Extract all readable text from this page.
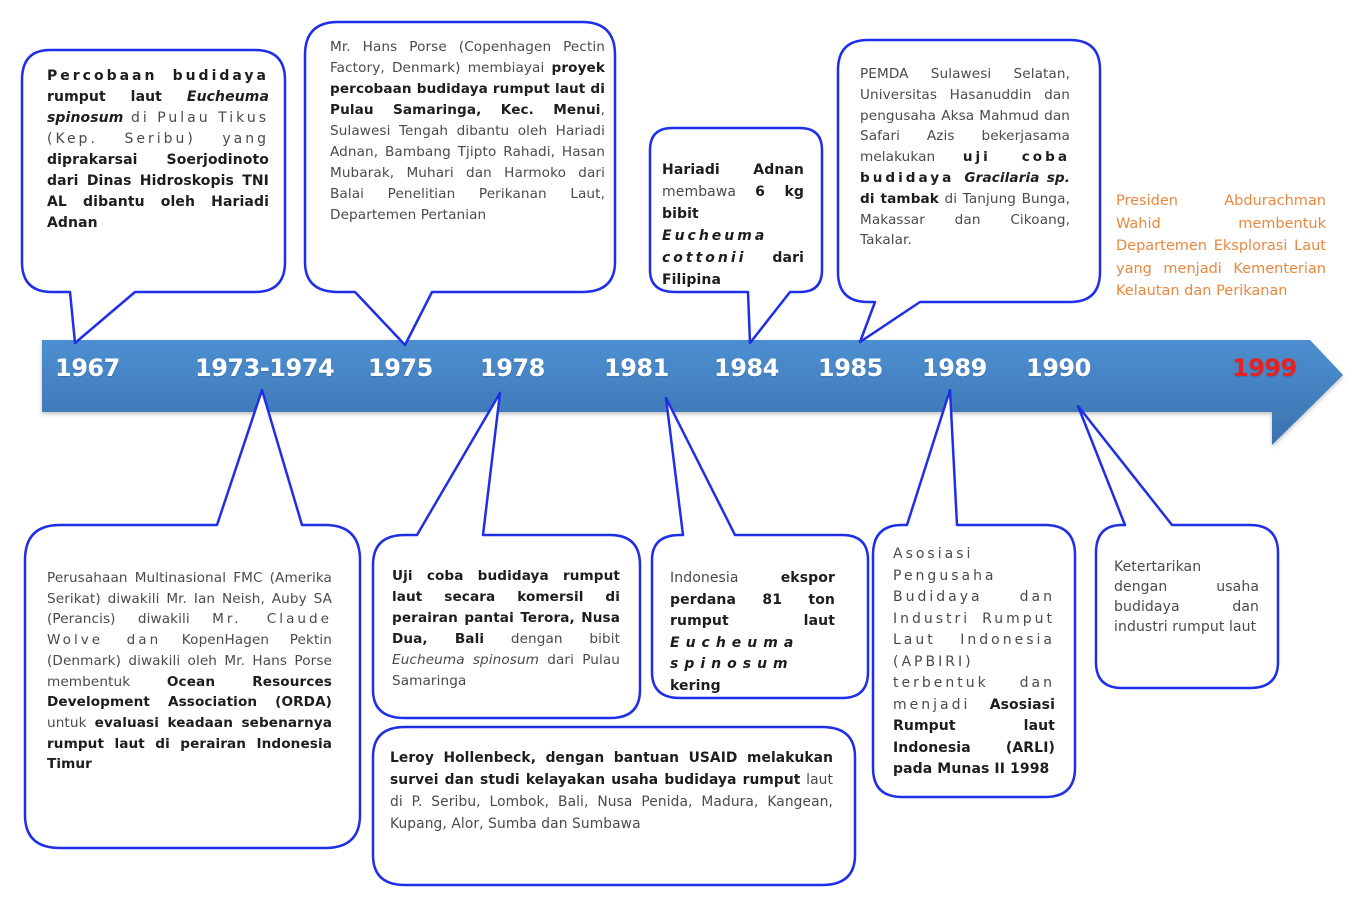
1967	1973-1974 1975 1978 1981 1984 1985 1989 1990	1999
Percobaan budidaya rumput laut Eucheuma spinosum di Pulau Tikus (Kep. Seribu) yang diprakarsai Soerjodinoto dari Dinas Hidroskopis TNI AL dibantu oleh Hariadi Adnan
Mr. Hans Porse (Copenhagen Pectin Factory, Denmark) membiayai proyek percobaan budidaya rumput laut di Pulau Samaringa, Kec. Menui, Sulawesi Tengah dibantu oleh Hariadi Adnan, Bambang Tjipto Rahadi, Hasan Mubarak, Muhari dan Harmoko dari Balai Penelitian Perikanan Laut, Departemen Pertanian
Hariadi Adnan membawa 6 kg bibit Eucheuma cottonii dari Filipina
PEMDA Sulawesi Selatan, Universitas Hasanuddin dan pengusaha Aksa Mahmud dan Safari Azis bekerjasama melakukan uji coba budidaya Gracilaria sp. di tambak di Tanjung Bunga, Makassar dan Cikoang, Takalar.
Presiden Abdurachman Wahid membentuk Departemen Eksplorasi Laut yang menjadi Kementerian Kelautan dan Perikanan
Perusahaan Multinasional FMC (Amerika Serikat) diwakili Mr. Ian Neish, Auby SA (Perancis) diwakili Mr. Claude Wolve dan KopenHagen Pektin (Denmark) diwakili oleh Mr. Hans Porse membentuk Ocean Resources Development Association (ORDA) untuk evaluasi keadaan sebenarnya rumput laut di perairan Indonesia Timur
Uji coba budidaya rumput laut secara komersil di perairan pantai Terora, Nusa Dua, Bali dengan bibit Eucheuma spinosum dari Pulau Samaringa
Leroy Hollenbeck, dengan bantuan USAID melakukan survei dan studi kelayakan usaha budidaya rumput laut di P. Seribu, Lombok, Bali, Nusa Penida, Madura, Kangean, Kupang, Alor, Sumba dan Sumbawa
Indonesia ekspor perdana 81 ton rumput laut Eucheuma spinosum kering
Asosiasi Pengusaha Budidaya dan Industri Rumput Laut Indonesia (APBIRI) terbentuk dan menjadi Asosiasi Rumput laut Indonesia (ARLI) pada Munas II 1998
Ketertarikan dengan usaha budidaya dan industri rumput laut
